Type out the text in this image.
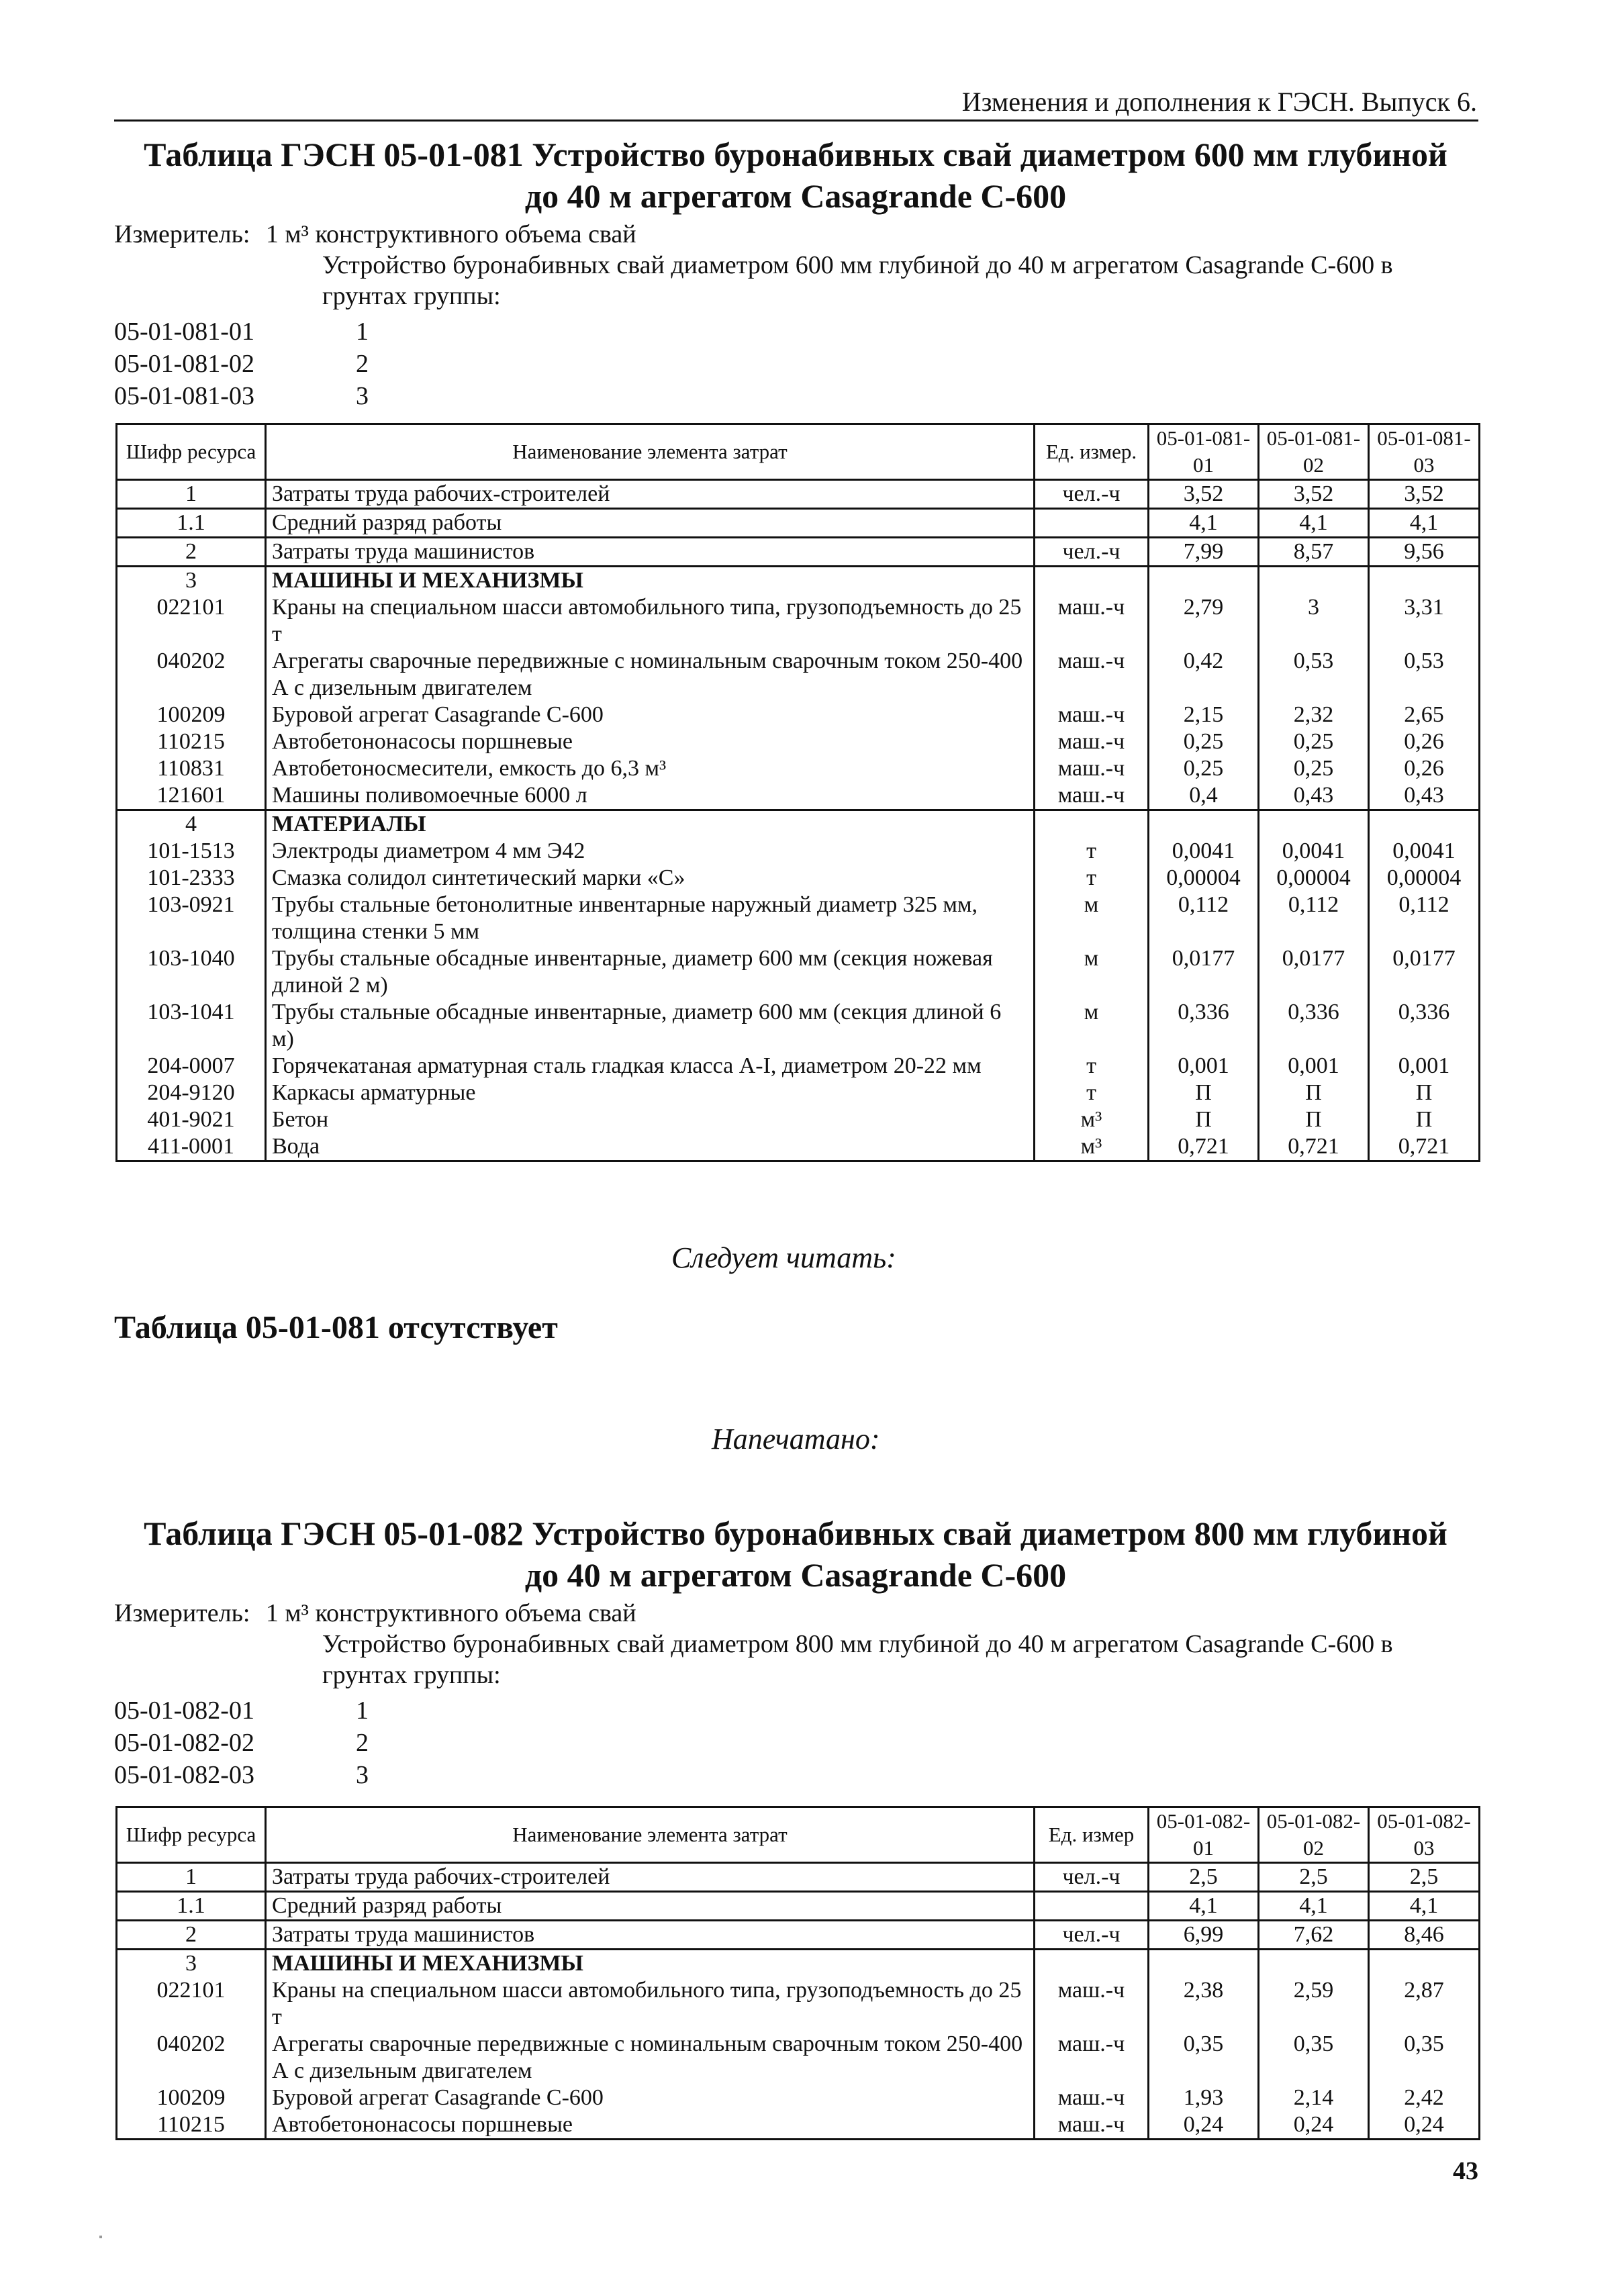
Изменения и дополнения к ГЭСН. Выпуск 6.
Таблица ГЭСН 05-01-081 Устройство буронабивных свай диаметром 600 мм глубиной
до 40 м агрегатом Casagrande С-600
Измеритель: 1 м³ конструктивного объема свай
Устройство буронабивных свай диаметром 600 мм глубиной до 40 м агрегатом Casagrande С-600 в грунтах группы:
05-01-081-01	1
05-01-081-02	2
05-01-081-03	3
Шифр ресурса	Наименование элемента затрат	Ед. измер.	05-01-081-01	05-01-081-02	05-01-081-03
1	Затраты труда рабочих-строителей	чел.-ч	3,52	3,52	3,52
1.1	Средний разряд работы		4,1	4,1	4,1
2	Затраты труда машинистов	чел.-ч	7,99	8,57	9,56
3	МАШИНЫ И МЕХАНИЗМЫ				
022101	Краны на специальном шасси автомобильного типа, грузоподъемность до 25 т	маш.-ч	2,79	3	3,31
040202	Агрегаты сварочные передвижные с номинальным сварочным током 250-400 А с дизельным двигателем	маш.-ч	0,42	0,53	0,53
100209	Буровой агрегат Casagrande С-600	маш.-ч	2,15	2,32	2,65
110215	Автобетононасосы поршневые	маш.-ч	0,25	0,25	0,26
110831	Автобетоносмесители, емкость до 6,3 м³	маш.-ч	0,25	0,25	0,26
121601	Машины поливомоечные 6000 л	маш.-ч	0,4	0,43	0,43
4	МАТЕРИАЛЫ				
101-1513	Электроды диаметром 4 мм Э42	т	0,0041	0,0041	0,0041
101-2333	Смазка солидол синтетический марки «С»	т	0,00004	0,00004	0,00004
103-0921	Трубы стальные бетонолитные инвентарные наружный диаметр 325 мм, толщина стенки 5 мм	м	0,112	0,112	0,112
103-1040	Трубы стальные обсадные инвентарные, диаметр 600 мм (секция ножевая длиной 2 м)	м	0,0177	0,0177	0,0177
103-1041	Трубы стальные обсадные инвентарные, диаметр 600 мм (секция длиной 6 м)	м	0,336	0,336	0,336
204-0007	Горячекатаная арматурная сталь гладкая класса А-I, диаметром 20-22 мм	т	0,001	0,001	0,001
204-9120	Каркасы арматурные	т	П	П	П
401-9021	Бетон	м³	П	П	П
411-0001	Вода	м³	0,721	0,721	0,721
Следует читать:
Таблица 05-01-081 отсутствует
Напечатано:
Таблица ГЭСН 05-01-082 Устройство буронабивных свай диаметром 800 мм глубиной
до 40 м агрегатом Casagrande С-600
Измеритель: 1 м³ конструктивного объема свай
Устройство буронабивных свай диаметром 800 мм глубиной до 40 м агрегатом Casagrande С-600 в грунтах группы:
05-01-082-01	1
05-01-082-02	2
05-01-082-03	3
Шифр ресурса	Наименование элемента затрат	Ед. измер	05-01-082-01	05-01-082-02	05-01-082-03
1	Затраты труда рабочих-строителей	чел.-ч	2,5	2,5	2,5
1.1	Средний разряд работы		4,1	4,1	4,1
2	Затраты труда машинистов	чел.-ч	6,99	7,62	8,46
3	МАШИНЫ И МЕХАНИЗМЫ				
022101	Краны на специальном шасси автомобильного типа, грузоподъемность до 25 т	маш.-ч	2,38	2,59	2,87
040202	Агрегаты сварочные передвижные с номинальным сварочным током 250-400 А с дизельным двигателем	маш.-ч	0,35	0,35	0,35
100209	Буровой агрегат Casagrande С-600	маш.-ч	1,93	2,14	2,42
110215	Автобетононасосы поршневые	маш.-ч	0,24	0,24	0,24
43
